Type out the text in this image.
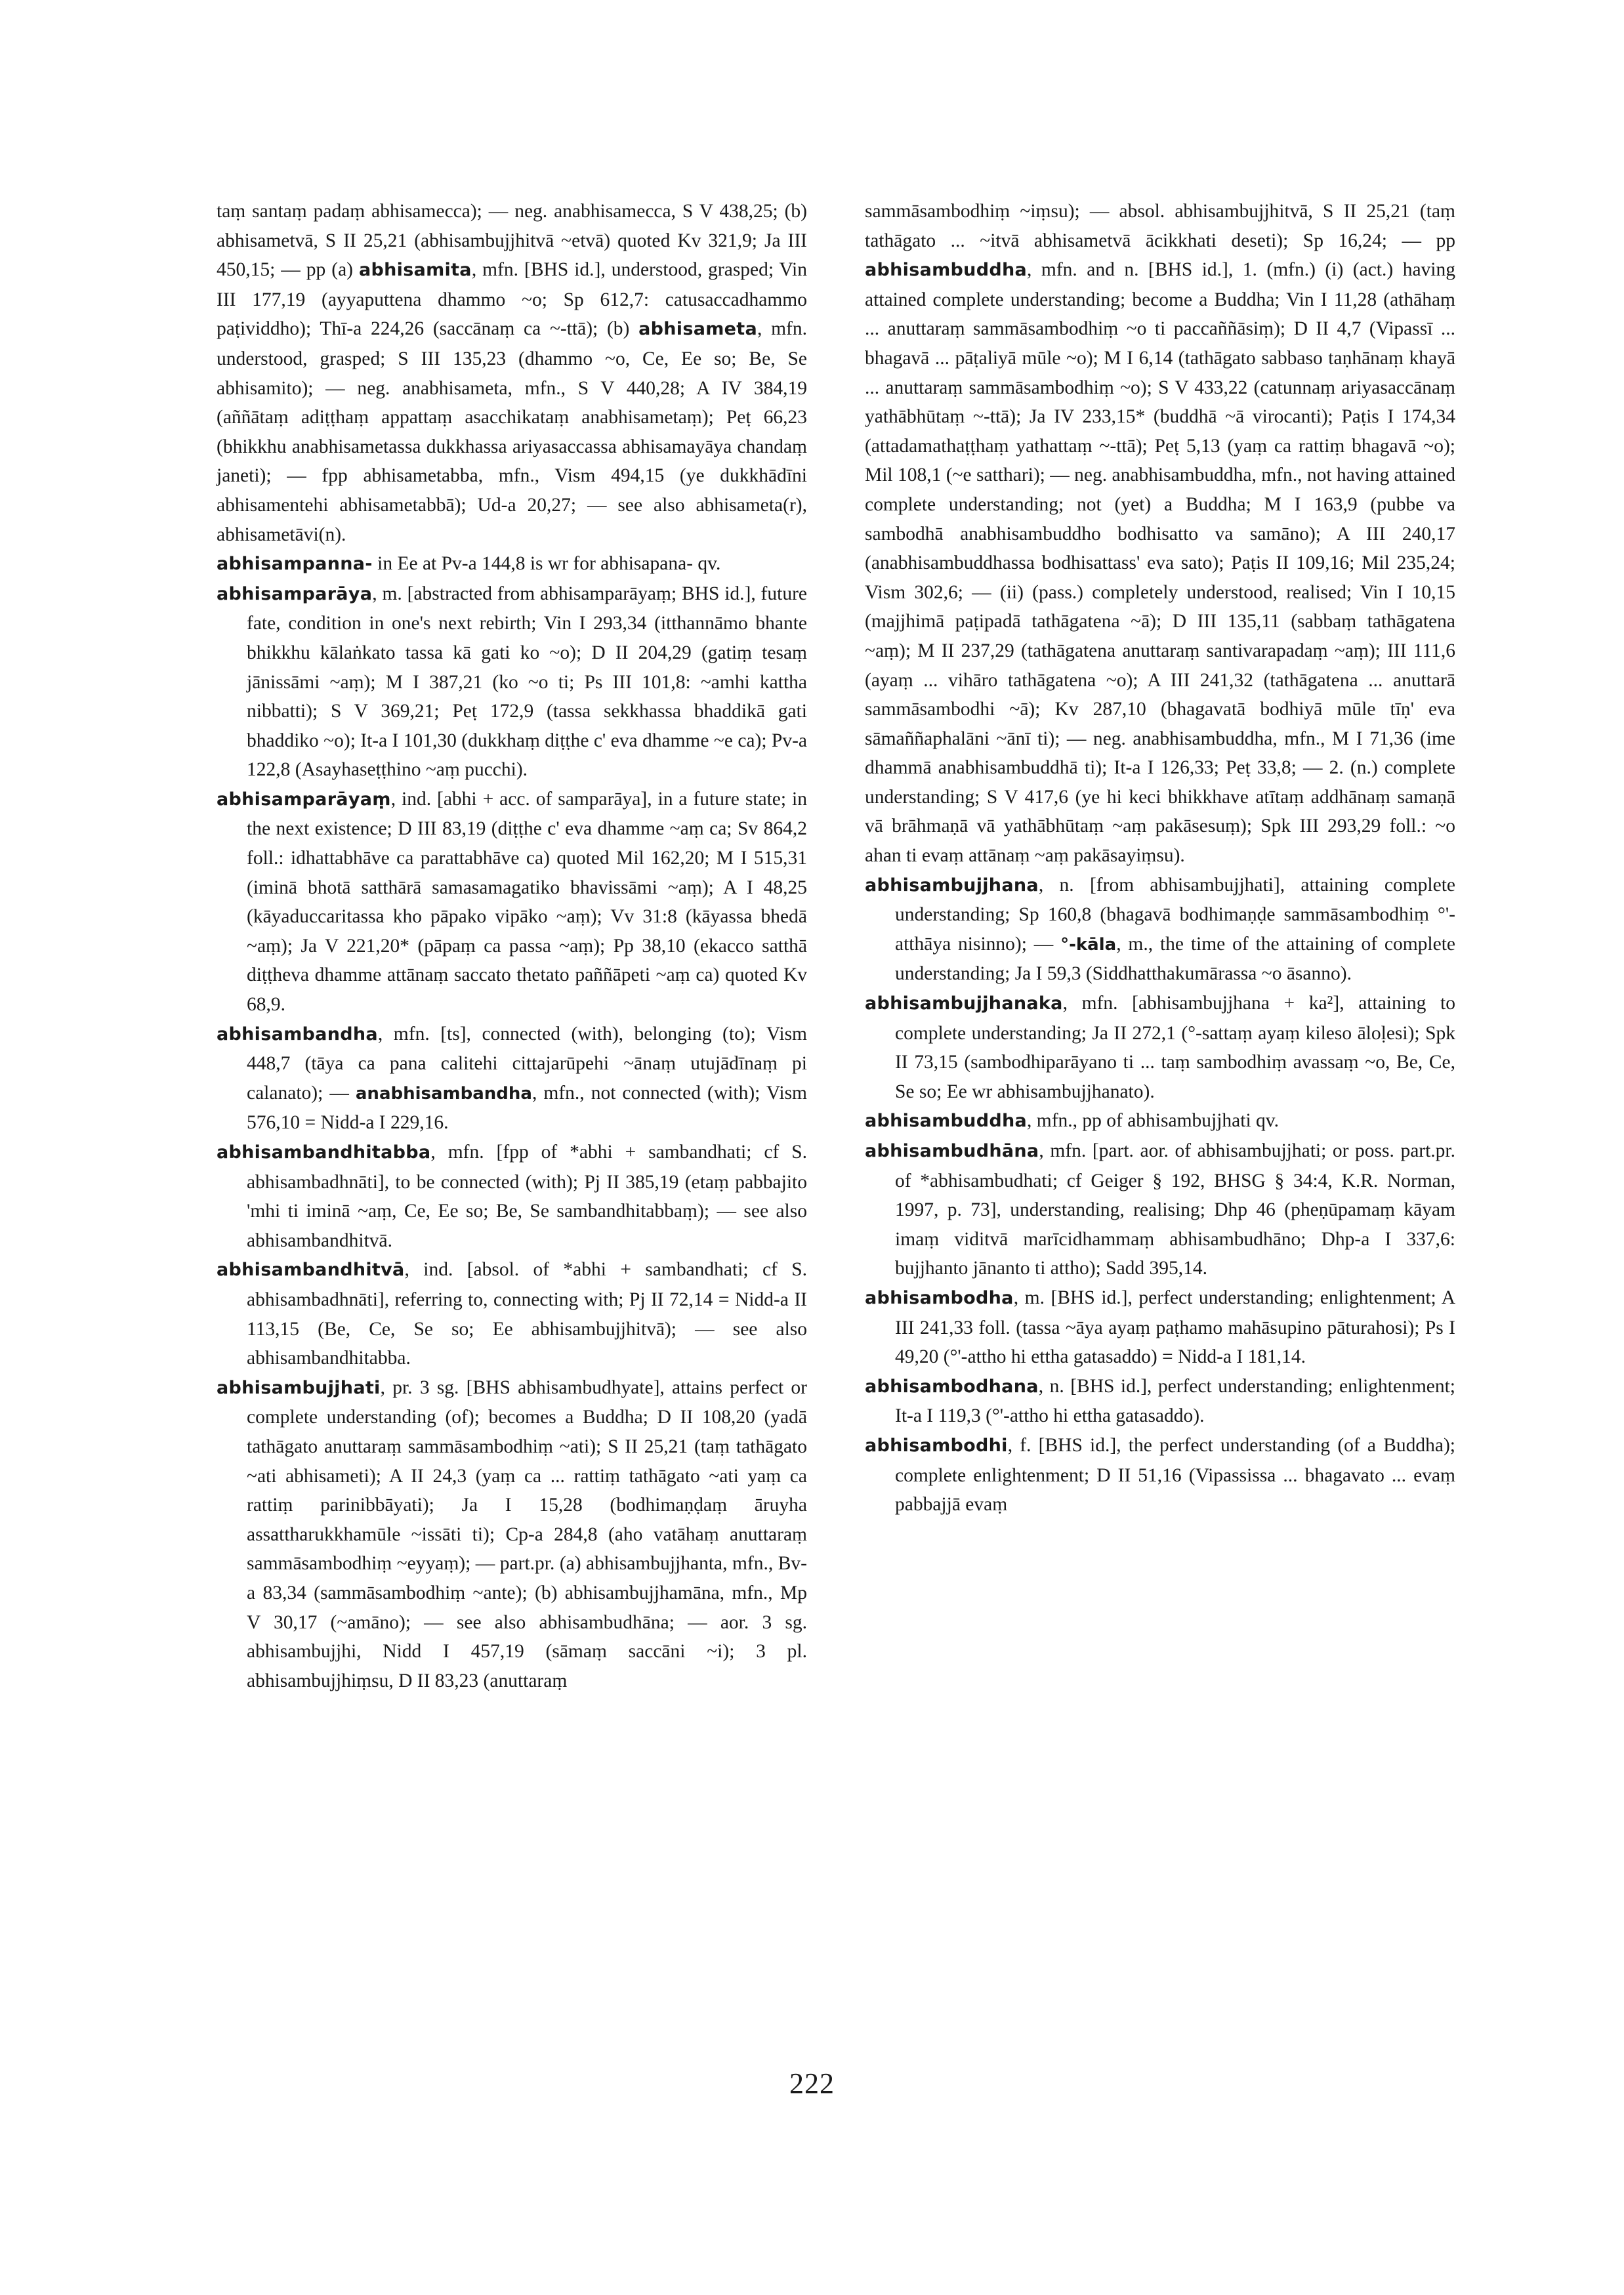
taṃ santaṃ padaṃ abhisamecca); — neg. anabhisamecca, S V 438,25; (b) abhisametvā, S II 25,21 (abhisambujjhitvā ~etvā) quoted Kv 321,9; Ja III 450,15; — pp (a) abhisamita, mfn. [BHS id.], understood, grasped; Vin III 177,19 (ayyaputtena dhammo ~o; Sp 612,7: catusaccadhammo paṭividdho); Thī-a 224,26 (saccānaṃ ca ~-ttā); (b) abhisameta, mfn. understood, grasped; S III 135,23 (dhammo ~o, Ce, Ee so; Be, Se abhisamito); — neg. anabhisameta, mfn., S V 440,28; A IV 384,19 (aññātaṃ adiṭṭhaṃ appattaṃ asacchikataṃ anabhisametaṃ); Peṭ 66,23 (bhikkhu anabhisametassa dukkhassa ariyasaccassa abhisamayāya chandaṃ janeti); — fpp abhisametabba, mfn., Vism 494,15 (ye dukkhādīni abhisamentehi abhisametabbā); Ud-a 20,27; — see also abhisameta(r), abhisametāvi(n).

abhisampanna- in Ee at Pv-a 144,8 is wr for abhisapana- qv.

abhisamparāya, m. [abstracted from abhisamparāyaṃ; BHS id.], future fate, condition in one's next rebirth; Vin I 293,34 (itthannāmo bhante bhikkhu kālaṅkato tassa kā gati ko ~o); D II 204,29 (gatiṃ tesaṃ jānissāmi ~aṃ); M I 387,21 (ko ~o ti; Ps III 101,8: ~amhi kattha nibbatti); S V 369,21; Peṭ 172,9 (tassa sekkhassa bhaddikā gati bhaddiko ~o); It-a I 101,30 (dukkhaṃ diṭṭhe c' eva dhamme ~e ca); Pv-a 122,8 (Asayhaseṭṭhino ~aṃ pucchi).

abhisamparāyaṃ, ind. [abhi + acc. of samparāya], in a future state; in the next existence; D III 83,19 (diṭṭhe c' eva dhamme ~aṃ ca; Sv 864,2 foll.: idhattabhāve ca parattabhāve ca) quoted Mil 162,20; M I 515,31 (iminā bhotā satthārā samasamagatiko bhavissāmi ~aṃ); A I 48,25 (kāyaduccaritassa kho pāpako vipāko ~aṃ); Vv 31:8 (kāyassa bhedā ~aṃ); Ja V 221,20* (pāpaṃ ca passa ~aṃ); Pp 38,10 (ekacco satthā diṭṭheva dhamme attānaṃ saccato thetato paññāpeti ~aṃ ca) quoted Kv 68,9.

abhisambandha, mfn. [ts], connected (with), belonging (to); Vism 448,7 (tāya ca pana calitehi cittajarūpehi ~ānaṃ utujādīnaṃ pi calanato); — anabhisambandha, mfn., not connected (with); Vism 576,10 = Nidd-a I 229,16.

abhisambandhitabba, mfn. [fpp of *abhi + sambandhati; cf S. abhisambadhnāti], to be connected (with); Pj II 385,19 (etaṃ pabbajito 'mhi ti iminā ~aṃ, Ce, Ee so; Be, Se sambandhitabbaṃ); — see also abhisambandhitvā.

abhisambandhitvā, ind. [absol. of *abhi + sambandhati; cf S. abhisambadhnāti], referring to, connecting with; Pj II 72,14 = Nidd-a II 113,15 (Be, Ce, Se so; Ee abhisambujjhitvā); — see also abhisambandhitabba.

abhisambujjhati, pr. 3 sg. [BHS abhisambudhyate], attains perfect or complete understanding (of); becomes a Buddha; D II 108,20 (yadā tathāgato anuttaraṃ sammāsambodhiṃ ~ati); S II 25,21 (taṃ tathāgato ~ati abhisameti); A II 24,3 (yaṃ ca ... rattiṃ tathāgato ~ati yaṃ ca rattiṃ parinibbāyati); Ja I 15,28 (bodhimaṇḍaṃ āruyha assattharukkhamūle ~issāti ti); Cp-a 284,8 (aho vatāhaṃ anuttaraṃ sammāsambodhiṃ ~eyyaṃ); — part.pr. (a) abhisambujjhanta, mfn., Bv-a 83,34 (sammāsambodhiṃ ~ante); (b) abhisambujjhamāna, mfn., Mp V 30,17 (~amāno); — see also abhisambudhāna; — aor. 3 sg. abhisambujjhi, Nidd I 457,19 (sāmaṃ saccāni ~i); 3 pl. abhisambujjhiṃsu, D II 83,23 (anuttaraṃ

sammāsambodhiṃ ~iṃsu); — absol. abhisambujjhitvā, S II 25,21 (taṃ tathāgato ... ~itvā abhisametvā ācikkhati deseti); Sp 16,24; — pp abhisambuddha, mfn. and n. [BHS id.], 1. (mfn.) (i) (act.) having attained complete understanding; become a Buddha; Vin I 11,28 (athāhaṃ ... anuttaraṃ sammāsambodhiṃ ~o ti paccaññāsiṃ); D II 4,7 (Vipassī ... bhagavā ... pāṭaliyā mūle ~o); M I 6,14 (tathāgato sabbaso taṇhānaṃ khayā ... anuttaraṃ sammāsambodhiṃ ~o); S V 433,22 (catunnaṃ ariyasaccānaṃ yathābhūtaṃ ~-ttā); Ja IV 233,15* (buddhā ~ā virocanti); Paṭis I 174,34 (attadamathaṭṭhaṃ yathattaṃ ~-ttā); Peṭ 5,13 (yaṃ ca rattiṃ bhagavā ~o); Mil 108,1 (~e satthari); — neg. anabhisambuddha, mfn., not having attained complete understanding; not (yet) a Buddha; M I 163,9 (pubbe va sambodhā anabhisambuddho bodhisatto va samāno); A III 240,17 (anabhisambuddhassa bodhisattass' eva sato); Paṭis II 109,16; Mil 235,24; Vism 302,6; — (ii) (pass.) completely understood, realised; Vin I 10,15 (majjhimā paṭipadā tathāgatena ~ā); D III 135,11 (sabbaṃ tathāgatena ~aṃ); M II 237,29 (tathāgatena anuttaraṃ santivarapadaṃ ~aṃ); III 111,6 (ayaṃ ... vihāro tathāgatena ~o); A III 241,32 (tathāgatena ... anuttarā sammāsambodhi ~ā); Kv 287,10 (bhagavatā bodhiyā mūle tīṇ' eva sāmaññaphalāni ~ānī ti); — neg. anabhisambuddha, mfn., M I 71,36 (ime dhammā anabhisambuddhā ti); It-a I 126,33; Peṭ 33,8; — 2. (n.) complete understanding; S V 417,6 (ye hi keci bhikkhave atītaṃ addhānaṃ samaṇā vā brāhmaṇā vā yathābhūtaṃ ~aṃ pakāsesuṃ); Spk III 293,29 foll.: ~o ahan ti evaṃ attānaṃ ~aṃ pakāsayiṃsu).

abhisambujjhana, n. [from abhisambujjhati], attaining complete understanding; Sp 160,8 (bhagavā bodhimaṇḍe sammāsambodhiṃ °'-atthāya nisinno); — °-kāla, m., the time of the attaining of complete understanding; Ja I 59,3 (Siddhatthakumārassa ~o āsanno).

abhisambujjhanaka, mfn. [abhisambujjhana + ka²], attaining to complete understanding; Ja II 272,1 (°-sattaṃ ayaṃ kileso āloḷesi); Spk II 73,15 (sambodhiparāyano ti ... taṃ sambodhiṃ avassaṃ ~o, Be, Ce, Se so; Ee wr abhisambujjhanato).

abhisambuddha, mfn., pp of abhisambujjhati qv.

abhisambudhāna, mfn. [part. aor. of abhisambujjhati; or poss. part.pr. of *abhisambudhati; cf Geiger § 192, BHSG § 34:4, K.R. Norman, 1997, p. 73], understanding, realising; Dhp 46 (pheṇūpamaṃ kāyam imaṃ viditvā marīcidhammaṃ abhisambudhāno; Dhp-a I 337,6: bujjhanto jānanto ti attho); Sadd 395,14.

abhisambodha, m. [BHS id.], perfect understanding; enlightenment; A III 241,33 foll. (tassa ~āya ayaṃ paṭhamo mahāsupino pāturahosi); Ps I 49,20 (°'-attho hi ettha gatasaddo) = Nidd-a I 181,14.

abhisambodhana, n. [BHS id.], perfect understanding; enlightenment; It-a I 119,3 (°'-attho hi ettha gatasaddo).

abhisambodhi, f. [BHS id.], the perfect understanding (of a Buddha); complete enlightenment; D II 51,16 (Vipassissa ... bhagavato ... evaṃ pabbajjā evaṃ

222
